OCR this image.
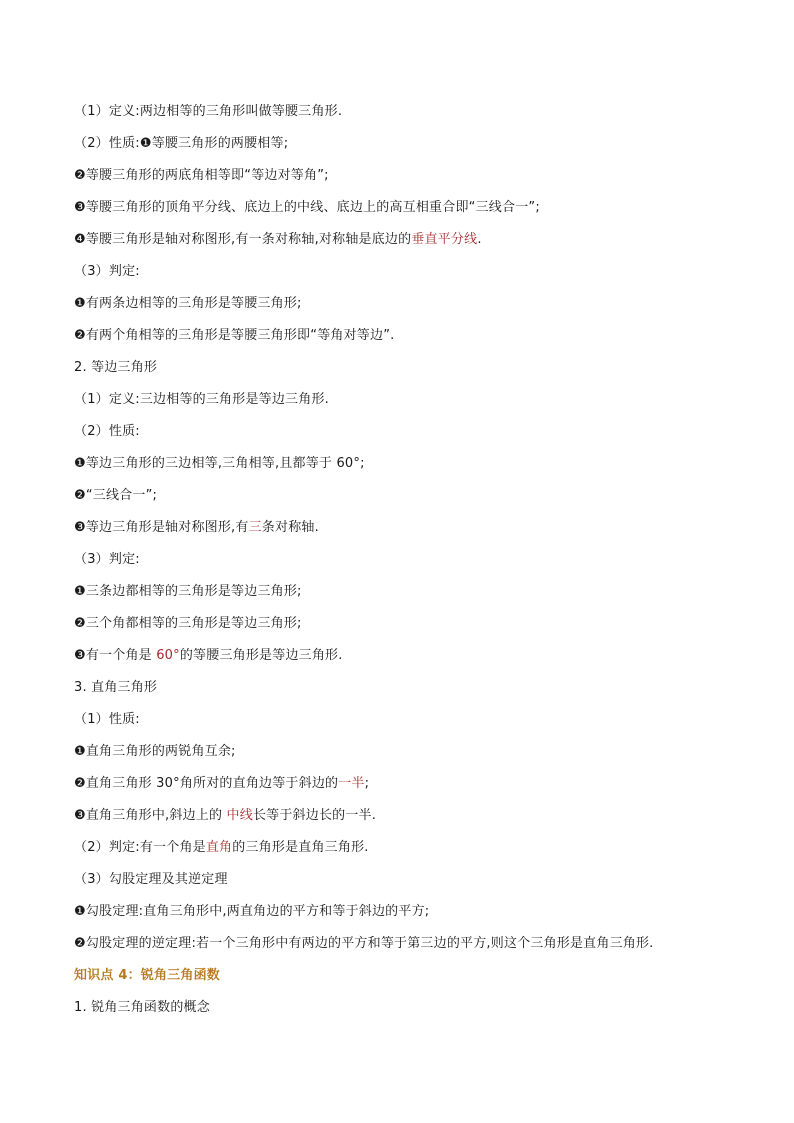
（1）定义:两边相等的三角形叫做等腰三角形.
（2）性质:❶等腰三角形的两腰相等;
❷等腰三角形的两底角相等即“等边对等角”;
❸等腰三角形的顶角平分线、底边上的中线、底边上的高互相重合即“三线合一”;
❹等腰三角形是轴对称图形,有一条对称轴,对称轴是底边的垂直平分线.
（3）判定:
❶有两条边相等的三角形是等腰三角形;
❷有两个角相等的三角形是等腰三角形即“等角对等边”.
2. 等边三角形
（1）定义:三边相等的三角形是等边三角形.
（2）性质:
❶等边三角形的三边相等,三角相等,且都等于 60°;
❷“三线合一”;
❸等边三角形是轴对称图形,有三条对称轴.
（3）判定:
❶三条边都相等的三角形是等边三角形;
❷三个角都相等的三角形是等边三角形;
❸有一个角是 60°的等腰三角形是等边三角形.
3. 直角三角形
（1）性质:
❶直角三角形的两锐角互余;
❷直角三角形 30°角所对的直角边等于斜边的一半;
❸直角三角形中,斜边上的 中线长等于斜边长的一半.
（2）判定:有一个角是直角的三角形是直角三角形.
（3）勾股定理及其逆定理
❶勾股定理:直角三角形中,两直角边的平方和等于斜边的平方;
❷勾股定理的逆定理:若一个三角形中有两边的平方和等于第三边的平方,则这个三角形是直角三角形.
知识点 4：锐角三角函数
1. 锐角三角函数的概念
